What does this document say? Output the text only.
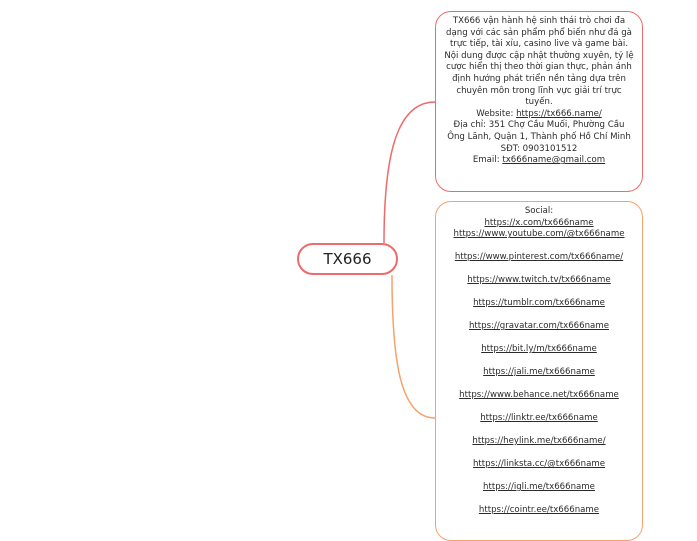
TX666
TX666 vận hành hệ sinh thái trò chơi đa dạng với các sản phẩm phổ biến như đá gà trực tiếp, tài xỉu, casino live và game bài. Nội dung được cập nhật thường xuyên, tỷ lệ cược hiển thị theo thời gian thực, phản ánh định hướng phát triển nền tảng dựa trên chuyên môn trong lĩnh vực giải trí trực tuyến.
Website: https://tx666.name/
Địa chỉ: 351 Chợ Cầu Muối, Phường Cầu Ông Lãnh, Quận 1, Thành phố Hồ Chí Minh
SĐT: 0903101512
Email: tx666name@gmail.com
Social:
https://x.com/tx666name
https://www.youtube.com/@tx666name
https://www.pinterest.com/tx666name/
https://www.twitch.tv/tx666name
https://tumblr.com/tx666name
https://gravatar.com/tx666name
https://bit.ly/m/tx666name
https://jali.me/tx666name
https://www.behance.net/tx666name
https://linktr.ee/tx666name
https://heylink.me/tx666name/
https://linksta.cc/@tx666name
https://igli.me/tx666name
https://cointr.ee/tx666name
